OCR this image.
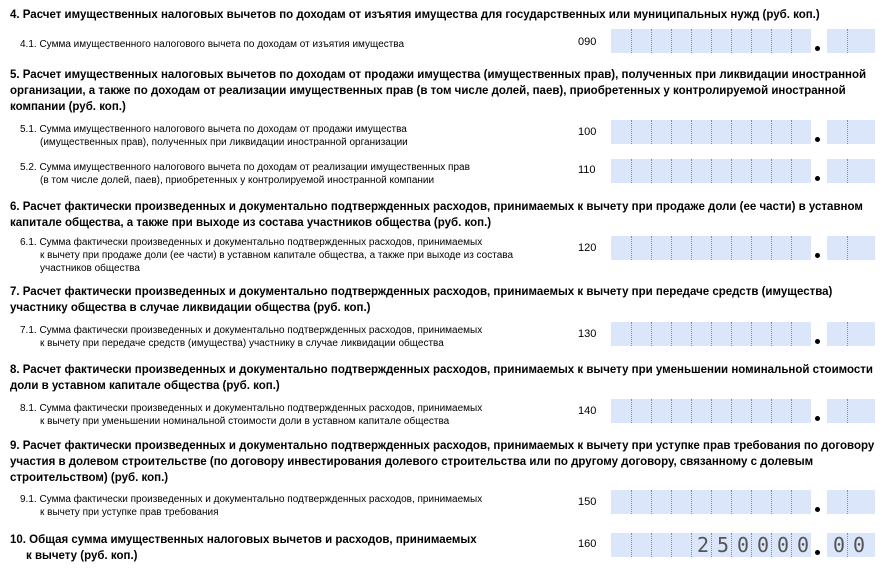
4. Расчет имущественных налоговых вычетов по доходам от изъятия имущества для государственных или муниципальных нужд (руб. коп.)
5. Расчет имущественных налоговых вычетов по доходам от продажи имущества (имущественных прав), полученных при ликвидации иностранной организации, а также по доходам от реализации имущественных прав (в том числе долей, паев), приобретенных у контролируемой иностранной компании (руб. коп.)
6. Расчет фактически произведенных и документально подтвержденных расходов, принимаемых к вычету при продаже доли (ее части) в уставном капитале общества, а также при выходе из состава участников общества (руб. коп.)
7. Расчет фактически произведенных и документально подтвержденных расходов, принимаемых к вычету при передаче средств (имущества) участнику общества в случае ликвидации общества (руб. коп.)
8. Расчет фактически произведенных и документально подтвержденных расходов, принимаемых к вычету при уменьшении номинальной стоимости доли в уставном капитале общества (руб. коп.)
9. Расчет фактически произведенных и документально подтвержденных расходов, принимаемых к вычету при уступке прав требования по договору участия в долевом строительстве (по договору инвестирования долевого строительства или по другому договору, связанному с долевым строительством) (руб. коп.)
4.1. Сумма имущественного налогового вычета по доходам от изъятия имущества	090
5.1. Сумма имущественного налогового вычета по доходам от продажи имущества
(имущественных прав), полученных при ликвидации иностранной организации
100
5.2. Сумма имущественного налогового вычета по доходам от реализации имущественных прав
(в том числе долей, паев), приобретенных у контролируемой иностранной компании
110
6.1. Сумма фактически произведенных и документально подтвержденных расходов, принимаемых
к вычету при продаже доли (ее части) в уставном капитале общества, а также при выходе из состава участников общества
120
7.1. Сумма фактически произведенных и документально подтвержденных расходов, принимаемых
к вычету при передаче средств (имущества) участнику в случае ликвидации общества
130
8.1. Сумма фактически произведенных и документально подтвержденных расходов, принимаемых
к вычету при уменьшении номинальной стоимости доли в уставном капитале общества
140
9.1. Сумма фактически произведенных и документально подтвержденных расходов, принимаемых
к вычету при уступке прав требования
150
10. Общая сумма имущественных налоговых вычетов и расходов, принимаемых
к вычету (руб. коп.)
160	2 5 0 0 0 0 0 0
